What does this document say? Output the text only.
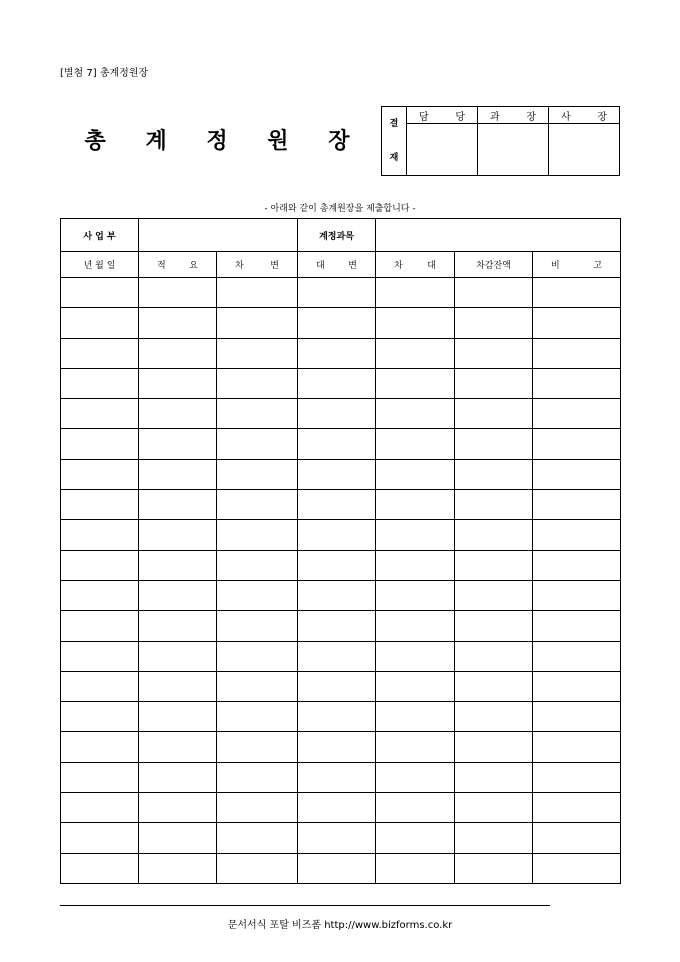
[별첨 7] 총계정원장
총 계 정 원 장
결
재	담 당	과 장	사 장

- 아래와 같이 총계원장을 제출합니다 -
사 업 부			계정과목			
년 월 일	적 요	차 변	대 변	차 대	차감잔액	비 고

문서서식 포탈 비즈폼 http://www.bizforms.co.kr
